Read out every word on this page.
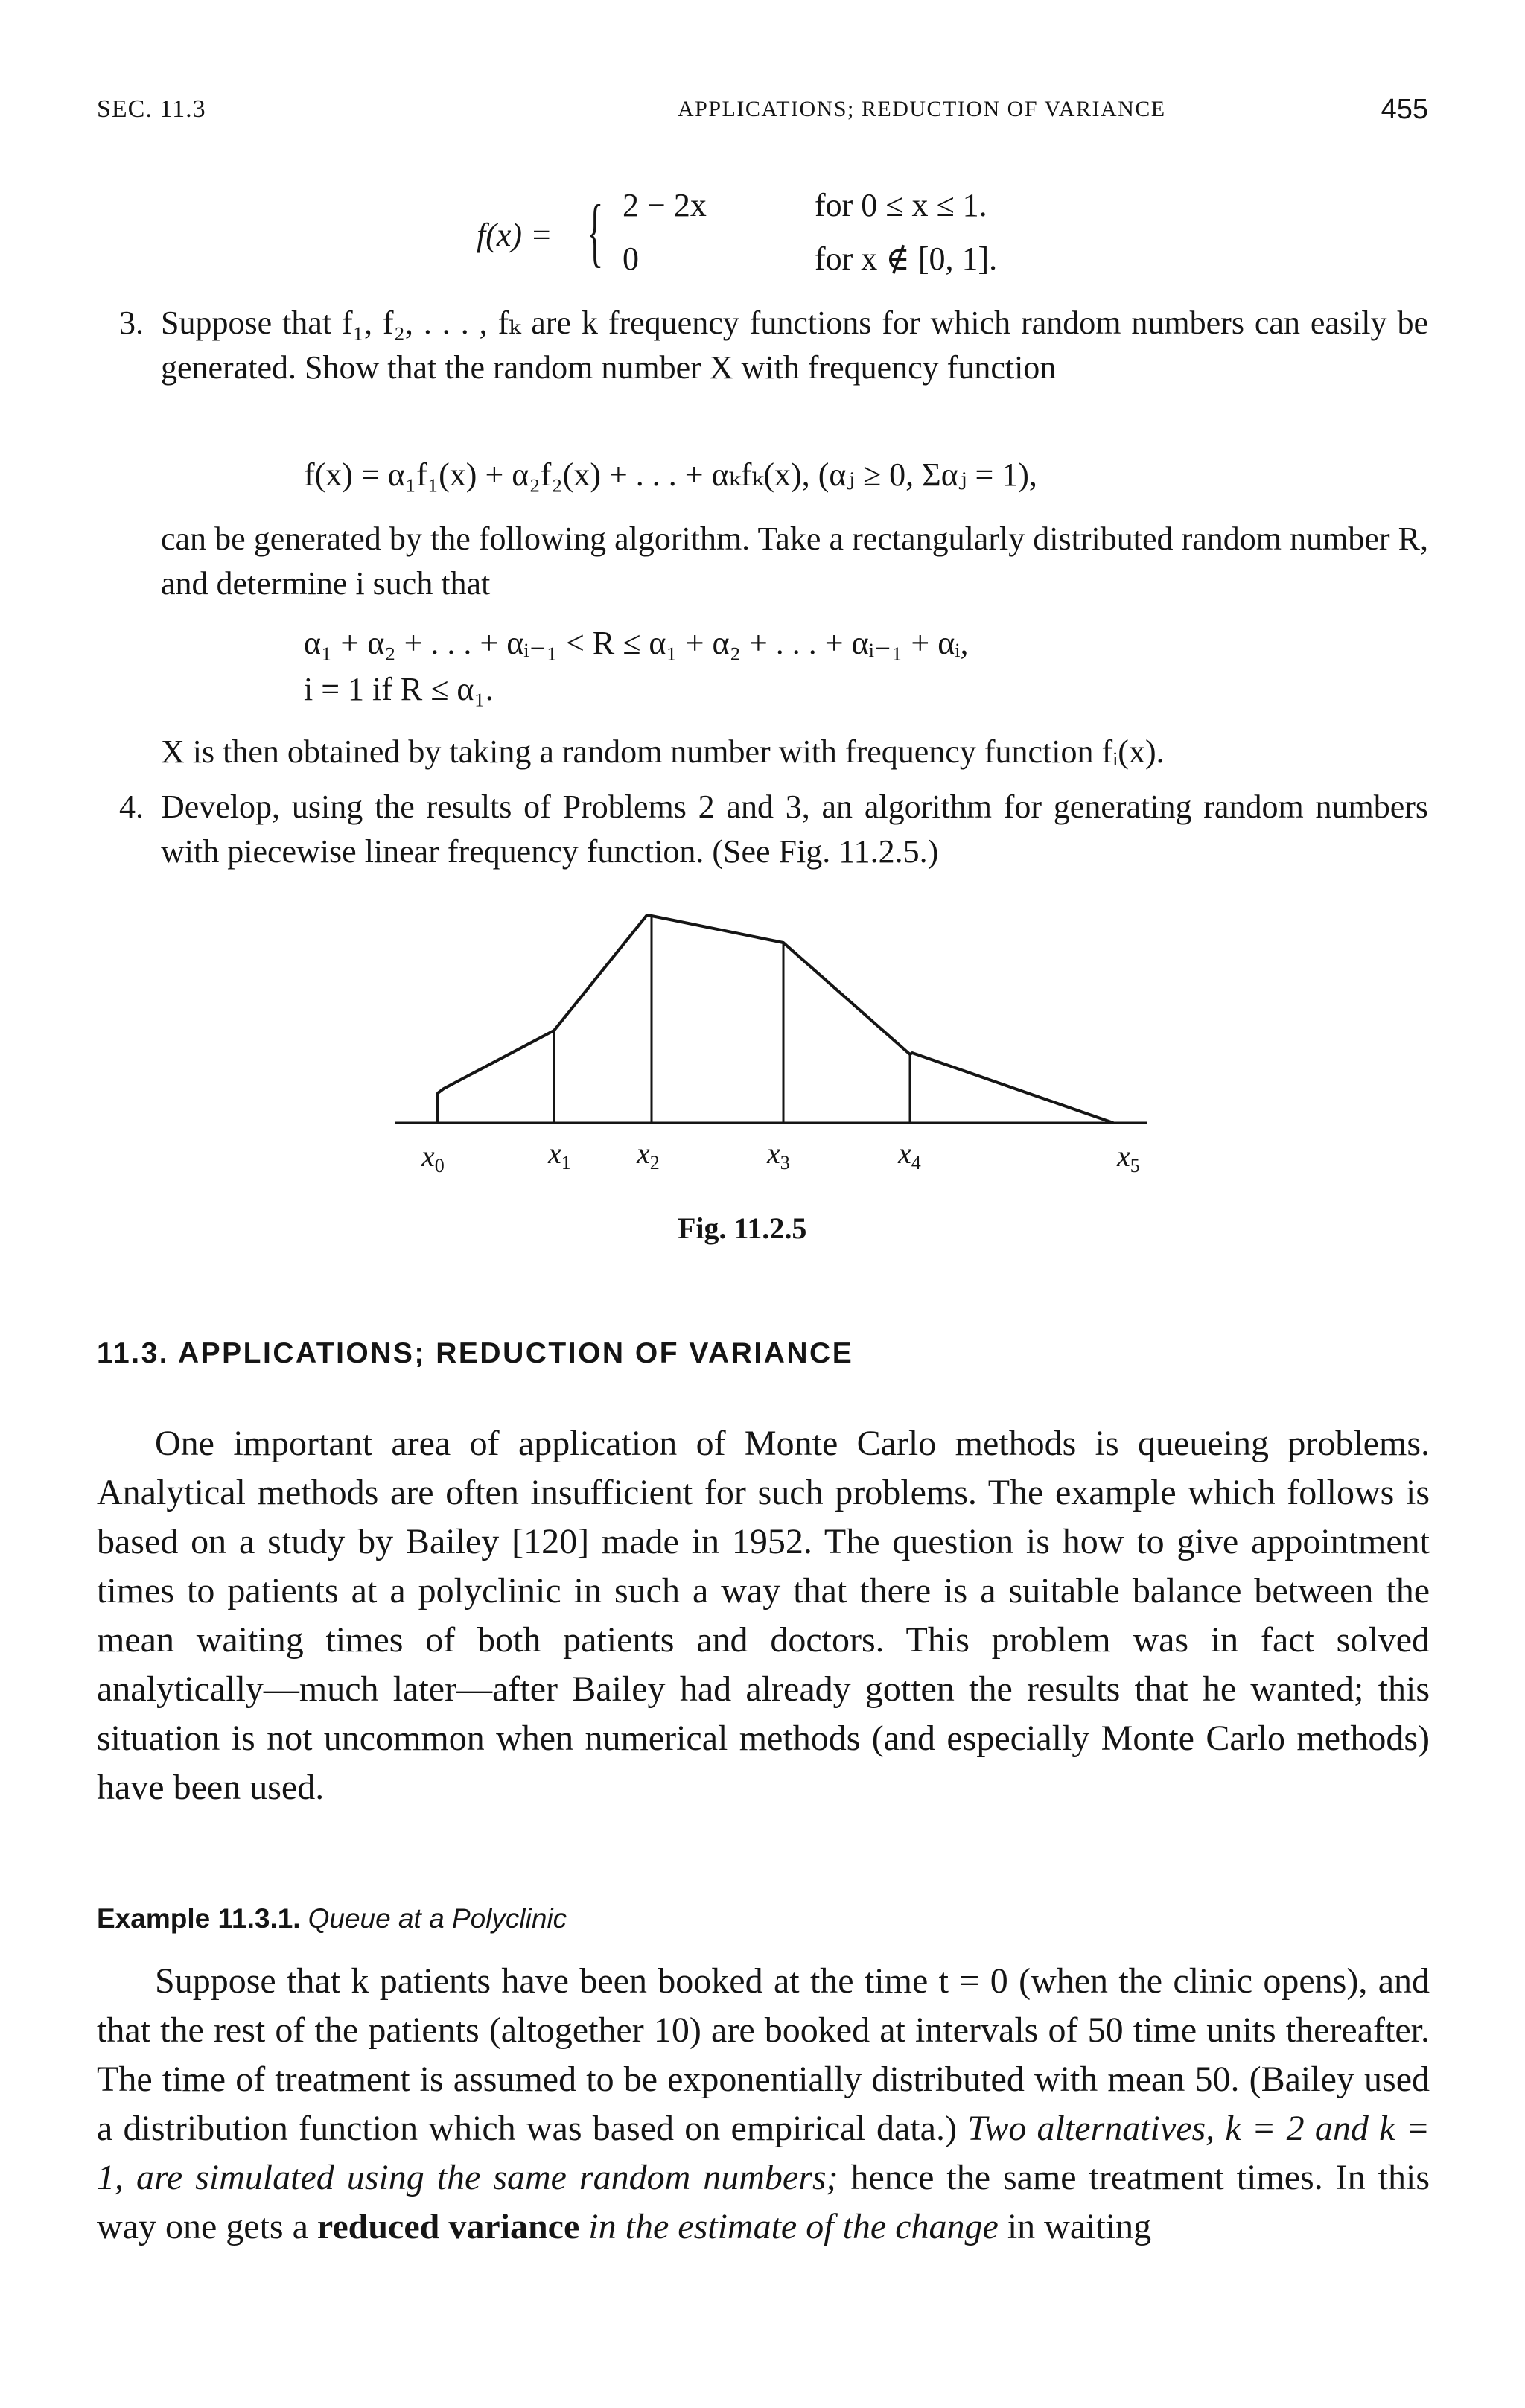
SEC. 11.3	APPLICATIONS; REDUCTION OF VARIANCE	455
f(x) = { 2 − 2x	for 0 ≤ x ≤ 1.
0	for x ∉ [0, 1].
3. Suppose that f₁, f₂, . . . , fₖ are k frequency functions for which random numbers can easily be generated. Show that the random number X with frequency function
f(x) = α₁f₁(x) + α₂f₂(x) + . . . + αₖfₖ(x), (αⱼ ≥ 0, Σαⱼ = 1),
can be generated by the following algorithm. Take a rectangularly distributed random number R, and determine i such that
α₁ + α₂ + . . . + αᵢ₋₁ < R ≤ α₁ + α₂ + . . . + αᵢ₋₁ + αᵢ,
i = 1 if R ≤ α₁.
X is then obtained by taking a random number with frequency function fᵢ(x).
4. Develop, using the results of Problems 2 and 3, an algorithm for generating random numbers with piecewise linear frequency function. (See Fig. 11.2.5.)
$x_0$	$x_1$ $x_2$	$x_3$	$x_4$	$x_5$
Fig. 11.2.5
11.3. APPLICATIONS; REDUCTION OF VARIANCE
One important area of application of Monte Carlo methods is queueing problems. Analytical methods are often insufficient for such problems. The example which follows is based on a study by Bailey [120] made in 1952. The question is how to give appointment times to patients at a polyclinic in such a way that there is a suitable balance between the mean waiting times of both patients and doctors. This problem was in fact solved analytically—much later—after Bailey had already gotten the results that he wanted; this situation is not uncommon when numerical methods (and especially Monte Carlo methods) have been used.
Example 11.3.1. Queue at a Polyclinic
Suppose that k patients have been booked at the time t = 0 (when the clinic opens), and that the rest of the patients (altogether 10) are booked at intervals of 50 time units thereafter. The time of treatment is assumed to be exponentially distributed with mean 50. (Bailey used a distribution function which was based on empirical data.) Two alternatives, k = 2 and k = 1, are simulated using the same random numbers; hence the same treatment times. In this way one gets a reduced variance in the estimate of the change in waiting
